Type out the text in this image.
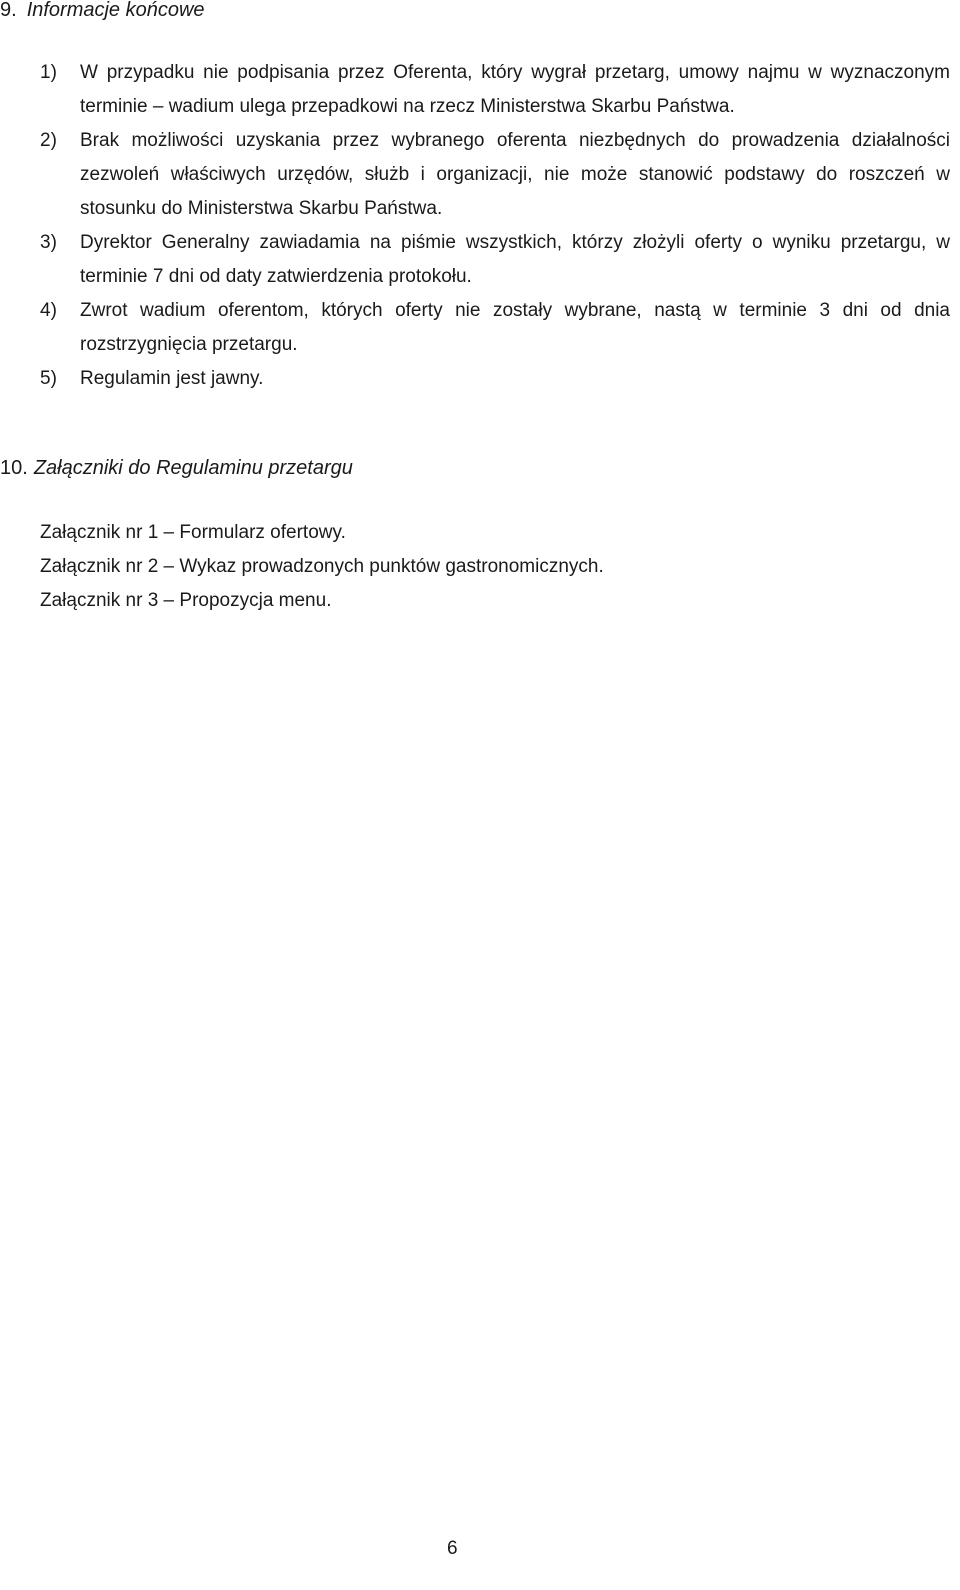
9. Informacje końcowe
1) W przypadku nie podpisania przez Oferenta, który wygrał przetarg, umowy najmu w wyznaczonym terminie – wadium ulega przepadkowi na rzecz Ministerstwa Skarbu Państwa.

2) Brak możliwości uzyskania przez wybranego oferenta niezbędnych do prowadzenia działalności zezwoleń właściwych urzędów, służb i organizacji, nie może stanowić podstawy do roszczeń w stosunku do Ministerstwa Skarbu Państwa.

3) Dyrektor Generalny zawiadamia na piśmie wszystkich, którzy złożyli oferty o wyniku przetargu, w terminie 7 dni od daty zatwierdzenia protokołu.

4) Zwrot wadium oferentom, których oferty nie zostały wybrane, nastą w terminie 3 dni od dnia rozstrzygnięcia przetargu.

5) Regulamin jest jawny.

10. Załączniki do Regulaminu przetargu
Załącznik nr 1 – Formularz ofertowy.
Załącznik nr 2 – Wykaz prowadzonych punktów gastronomicznych.
Załącznik nr 3 – Propozycja menu.
6
